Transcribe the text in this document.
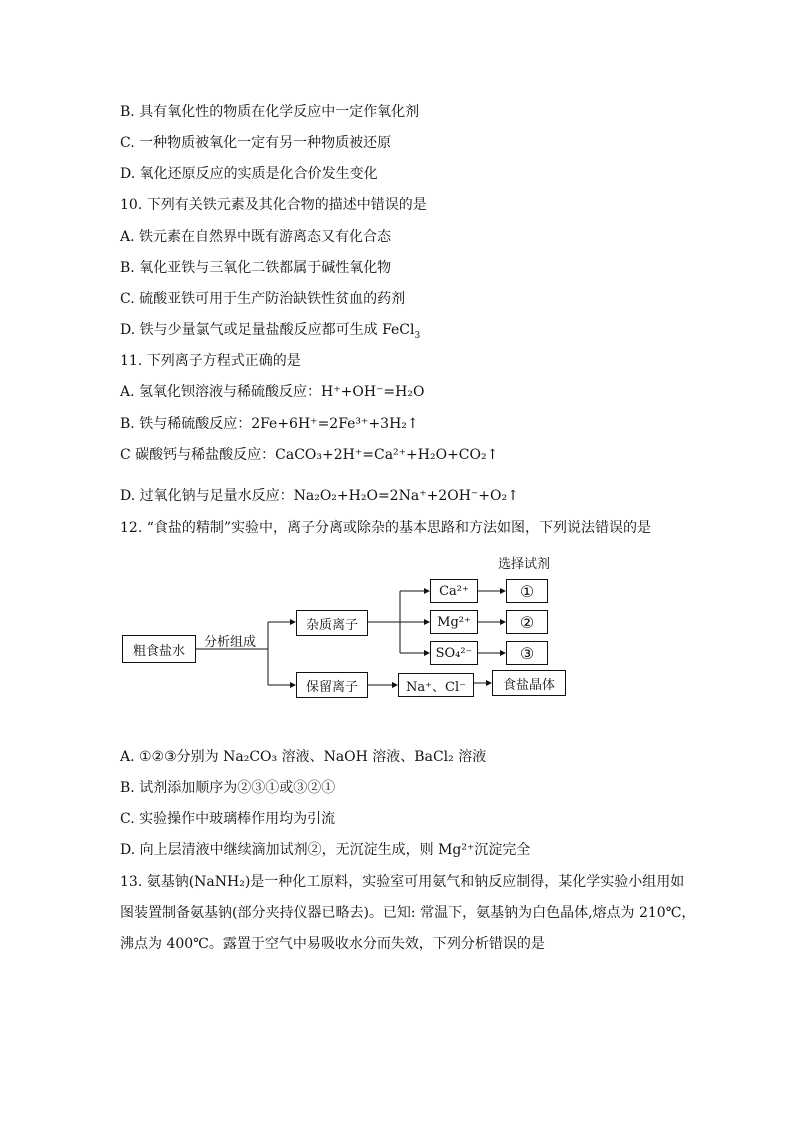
B. 具有氧化性的物质在化学反应中一定作氧化剂
C. 一种物质被氧化一定有另一种物质被还原
D. 氧化还原反应的实质是化合价发生变化
10. 下列有关铁元素及其化合物的描述中错误的是
A. 铁元素在自然界中既有游离态又有化合态
B. 氧化亚铁与三氧化二铁都属于碱性氧化物
C. 硫酸亚铁可用于生产防治缺铁性贫血的药剂
D. 铁与少量氯气或足量盐酸反应都可生成 FeCl$_3$
11. 下列离子方程式正确的是
A. 氢氧化钡溶液与稀硫酸反应：H⁺+OH⁻=H₂O
B. 铁与稀硫酸反应：2Fe+6H⁺=2Fe³⁺+3H₂↑
C 碳酸钙与稀盐酸反应：CaCO₃+2H⁺=Ca²⁺+H₂O+CO₂↑
D. 过氧化钠与足量水反应：Na₂O₂+H₂O=2Na⁺+2OH⁻+O₂↑
12. “食盐的精制”实验中，离子分离或除杂的基本思路和方法如图，下列说法错误的是
粗食盐水
分析组成
杂质离子
保留离子
选择试剂
Ca²⁺
Mg²⁺
SO₄²⁻
①
②
③
Na⁺、Cl⁻	食盐晶体
A. ①②③分别为 Na₂CO₃ 溶液、NaOH 溶液、BaCl₂ 溶液
B. 试剂添加顺序为②③①或③②①
C. 实验操作中玻璃棒作用均为引流
D. 向上层清液中继续滴加试剂②，无沉淀生成，则 Mg²⁺沉淀完全
13. 氨基钠(NaNH₂)是一种化工原料，实验室可用氨气和钠反应制得，某化学实验小组用如
图装置制备氨基钠(部分夹持仪器已略去)。已知: 常温下，氨基钠为白色晶体,熔点为 210℃，
沸点为 400℃。露置于空气中易吸收水分而失效，下列分析错误的是
